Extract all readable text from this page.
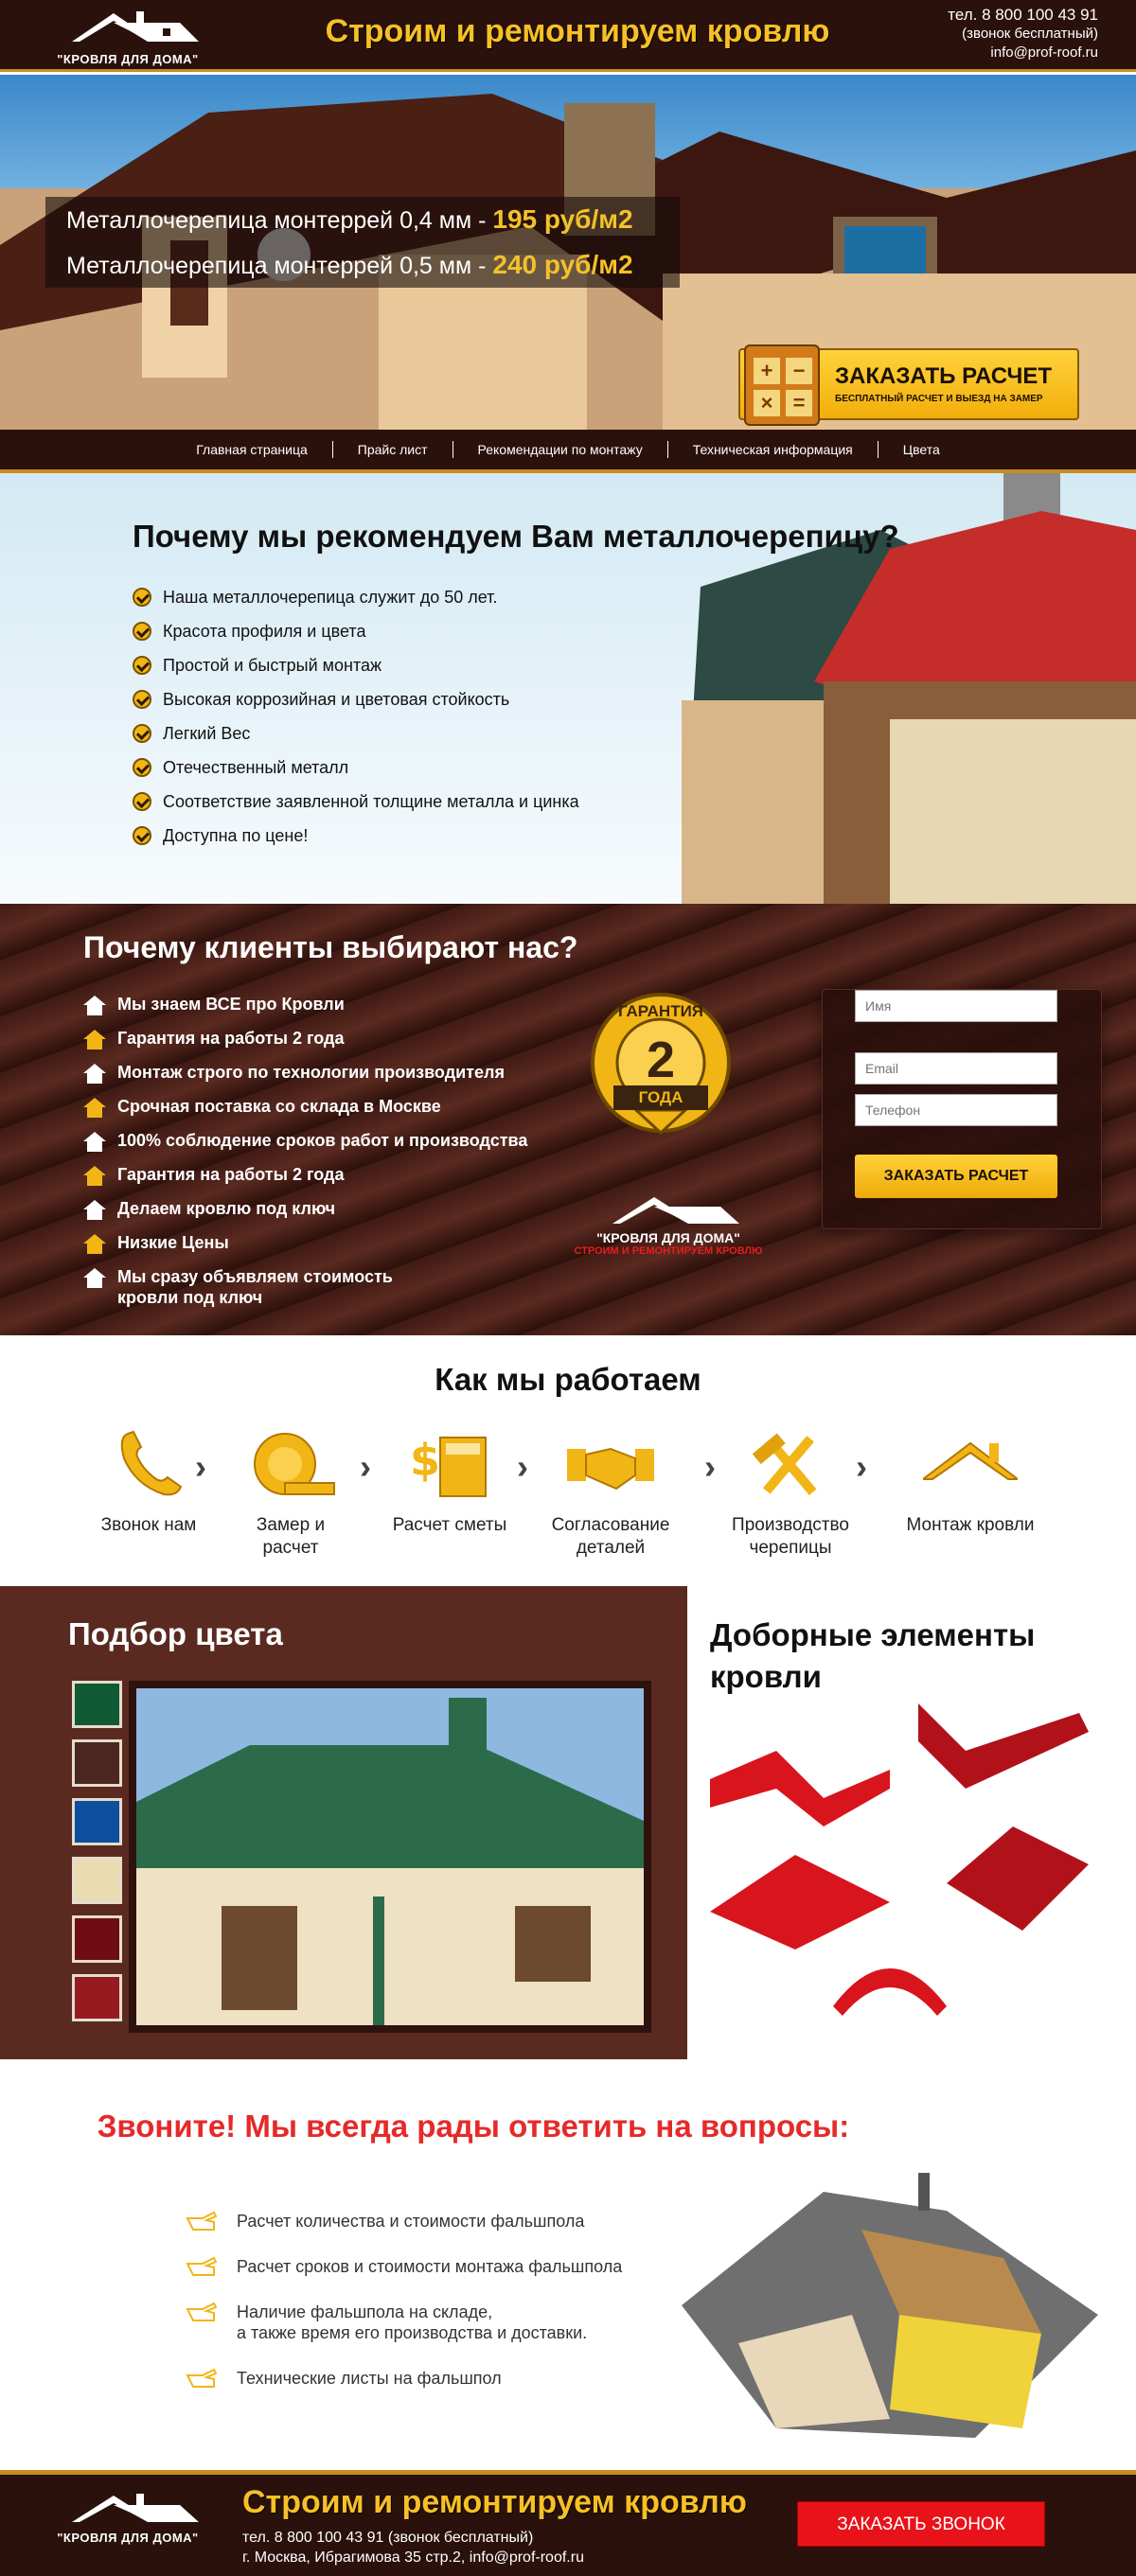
"КРОВЛЯ ДЛЯ ДОМА"
Строим и ремонтируем кровлю	тел. 8 800 100 43 91
(звонок бесплатный)
info@prof-roof.ru
Металлочерепица монтеррей 0,4 мм - 195 руб/м2
Металлочерепица монтеррей 0,5 мм - 240 руб/м2
+ −
× =
ЗАКАЗАТЬ РАСЧЕТ
БЕСПЛАТНЫЙ РАСЧЕТ И ВЫЕЗД НА ЗАМЕР
Главная страница	Прайс лист	Рекомендации по монтажу	Техническая информация	Цвета
Почему мы рекомендуем Вам металлочерепицу?
Наша металлочерепица служит до 50 лет.
Красота профиля и цвета
Простой и быстрый монтаж
Высокая коррозийная и цветовая стойкость
Легкий Вес
Отечественный металл
Соответствие заявленной толщине металла и цинка
Доступна по цене!
Почему клиенты выбирают нас?
Мы знаем ВСЕ про Кровли
Гарантия на работы 2 года
Монтаж строго по технологии производителя
Срочная поставка со склада в Москве
100% соблюдение сроков работ и производства
Гарантия на работы 2 года
Делаем кровлю под ключ
Низкие Цены
Мы сразу объявляем стоимость
кровли под ключ
ГАРАНТИЯ
2
ГОДА
"КРОВЛЯ ДЛЯ ДОМА"
СТРОИМ И РЕМОНТИРУЕМ КРОВЛЮ
Имя
Email
Телефон
ЗАКАЗАТЬ РАСЧЕТ
Как мы работаем
Звонок нам
›
Замер и
расчет
› $
Расчет сметы
›
Согласование
деталей
›
Производство
черепицы
›
Монтаж кровли
Подбор цвета	Доборные элементы
кровли
Звоните! Мы всегда рады ответить на вопросы:
Расчет количества и стоимости фальшпола
Расчет сроков и стоимости монтажа фальшпола
Наличие фальшпола на складе,
а также время его производства и доставки.
Технические листы на фальшпол
"КРОВЛЯ ДЛЯ ДОМА"
Строим и ремонтируем кровлю
тел. 8 800 100 43 91 (звонок бесплатный)
г. Москва, Ибрагимова 35 стр.2, info@prof-roof.ru
ЗАКАЗАТЬ ЗВОНОК
